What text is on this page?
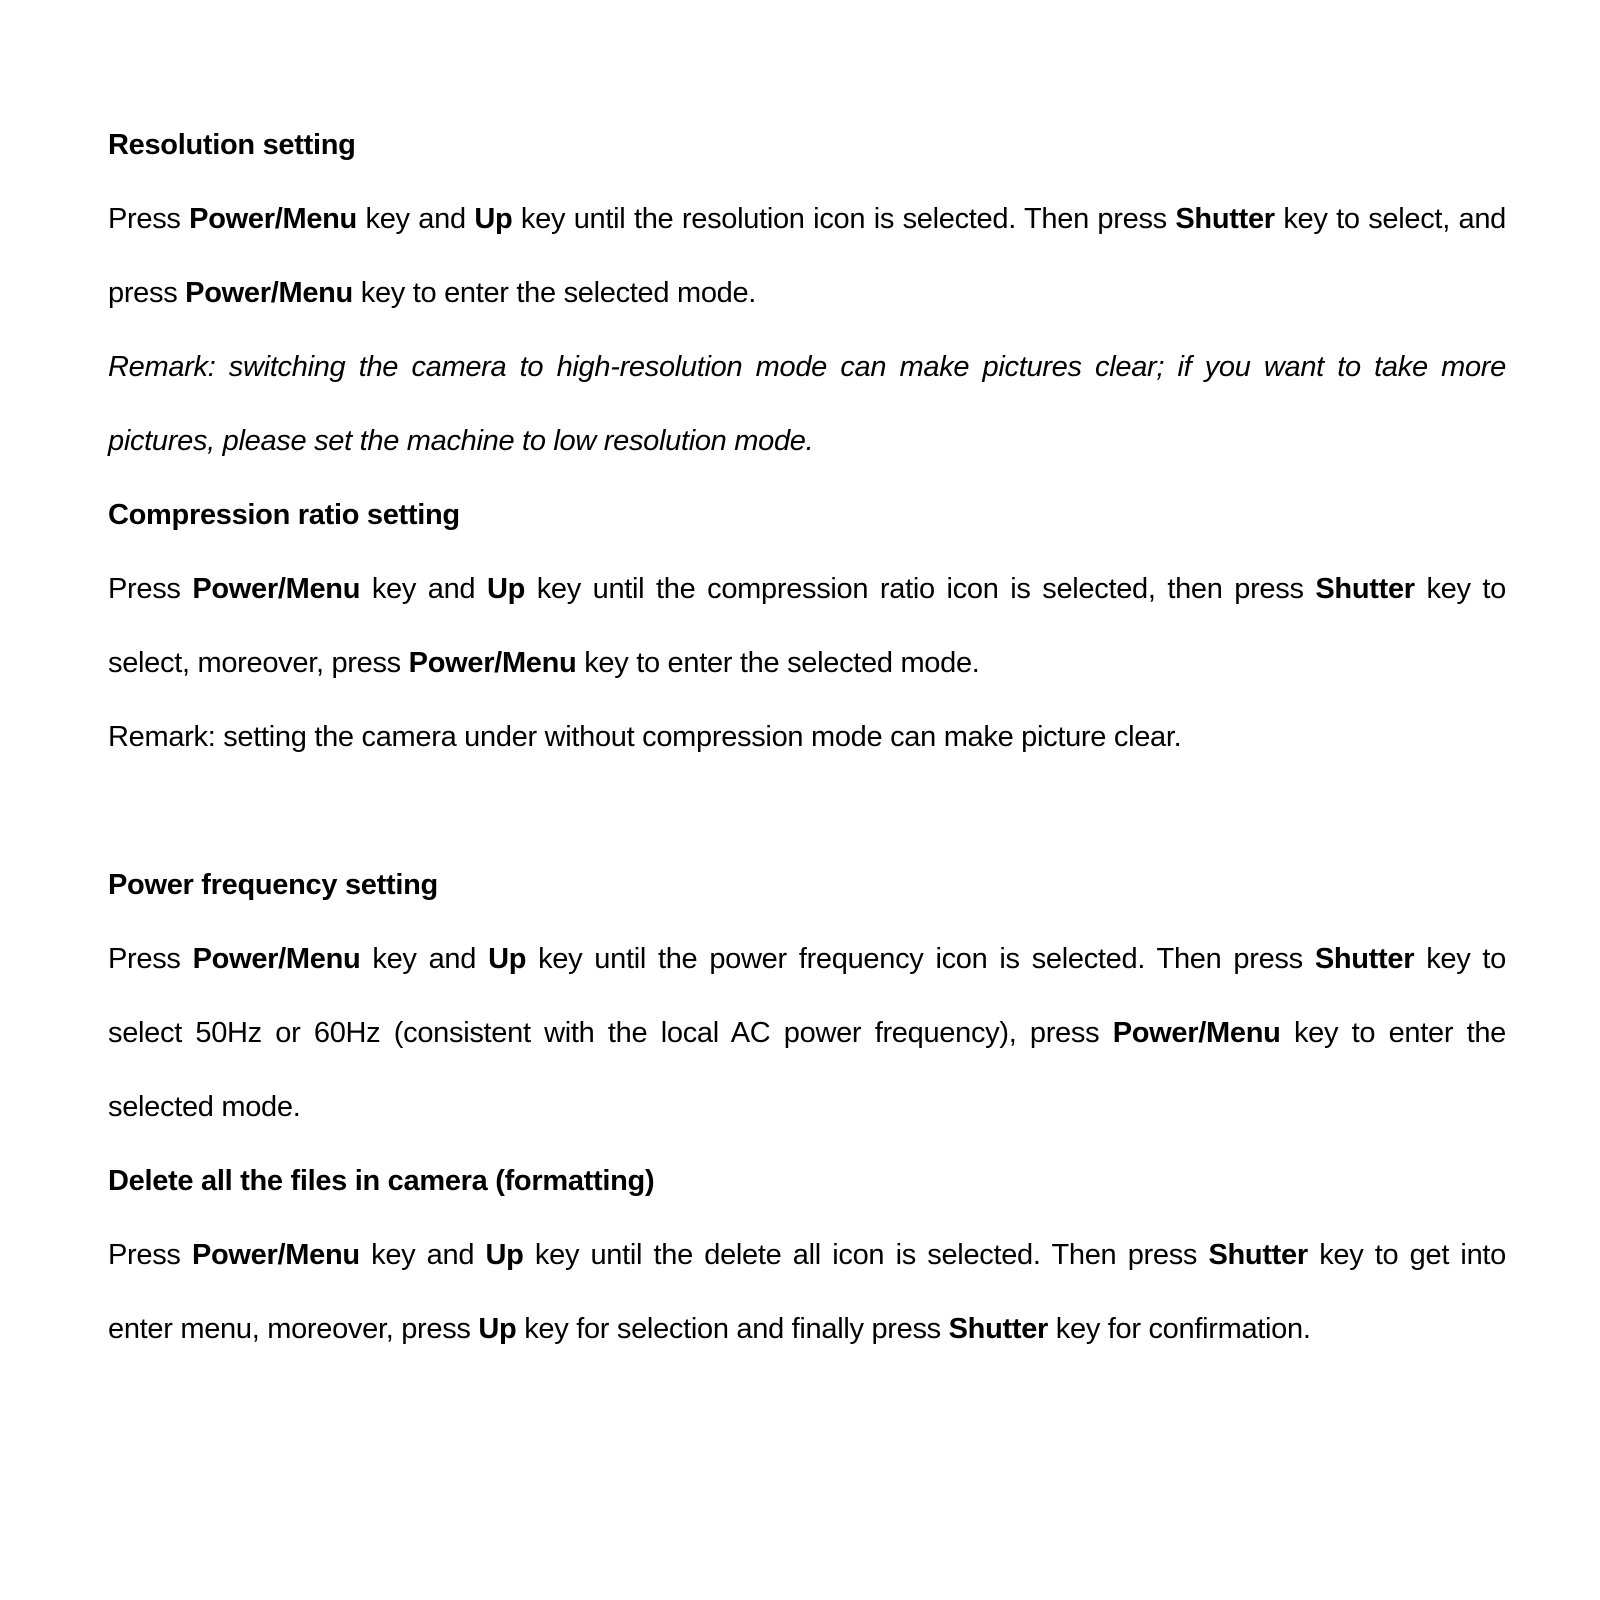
Resolution setting
Press Power/Menu key and Up key until the resolution icon is selected. Then press Shutter key to select, and press Power/Menu key to enter the selected mode.
Remark: switching the camera to high-resolution mode can make pictures clear; if you want to take more pictures, please set the machine to low resolution mode.
Compression ratio setting
Press Power/Menu key and Up key until the compression ratio icon is selected, then press Shutter key to select, moreover, press Power/Menu key to enter the selected mode.
Remark: setting the camera under without compression mode can make picture clear.
Power frequency setting
Press Power/Menu key and Up key until the power frequency icon is selected. Then press Shutter key to select 50Hz or 60Hz (consistent with the local AC power frequency), press Power/Menu key to enter the selected mode.
Delete all the files in camera (formatting)
Press Power/Menu key and Up key until the delete all icon is selected. Then press Shutter key to get into enter menu, moreover, press Up key for selection and finally press Shutter key for confirmation.
